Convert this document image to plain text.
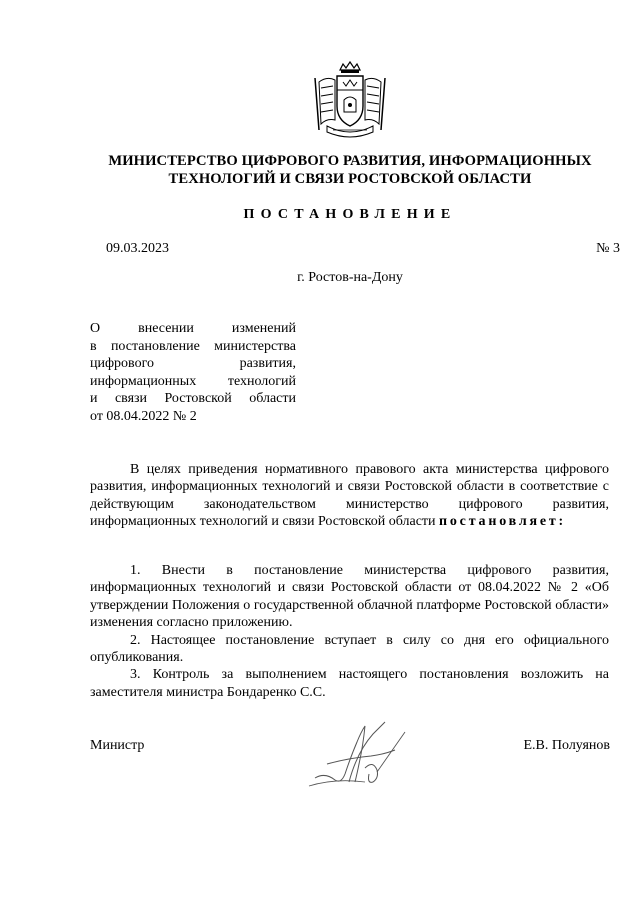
МИНИСТЕРСТВО ЦИФРОВОГО РАЗВИТИЯ, ИНФОРМАЦИОННЫХ
ТЕХНОЛОГИЙ И СВЯЗИ РОСТОВСКОЙ ОБЛАСТИ
ПОСТАНОВЛЕНИЕ
09.03.2023	№ 3
г. Ростов-на-Дону
О внесении изменений
в постановление министерства
цифрового развития,
информационных технологий
и связи Ростовской области
от 08.04.2022 № 2
В целях приведения нормативного правового акта министерства цифрового развития, информационных технологий и связи Ростовской области в соответствие с действующим законодательством министерство цифрового развития, информационных технологий и связи Ростовской области постановляет:

1. Внести в постановление министерства цифрового развития, информационных технологий и связи Ростовской области от 08.04.2022 № 2 «Об утверждении Положения о государственной облачной платформе Ростовской области» изменения согласно приложению.

2. Настоящее постановление вступает в силу со дня его официального опубликования.

3. Контроль за выполнением настоящего постановления возложить на заместителя министра Бондаренко С.С.

Министр	Е.В. Полуянов
